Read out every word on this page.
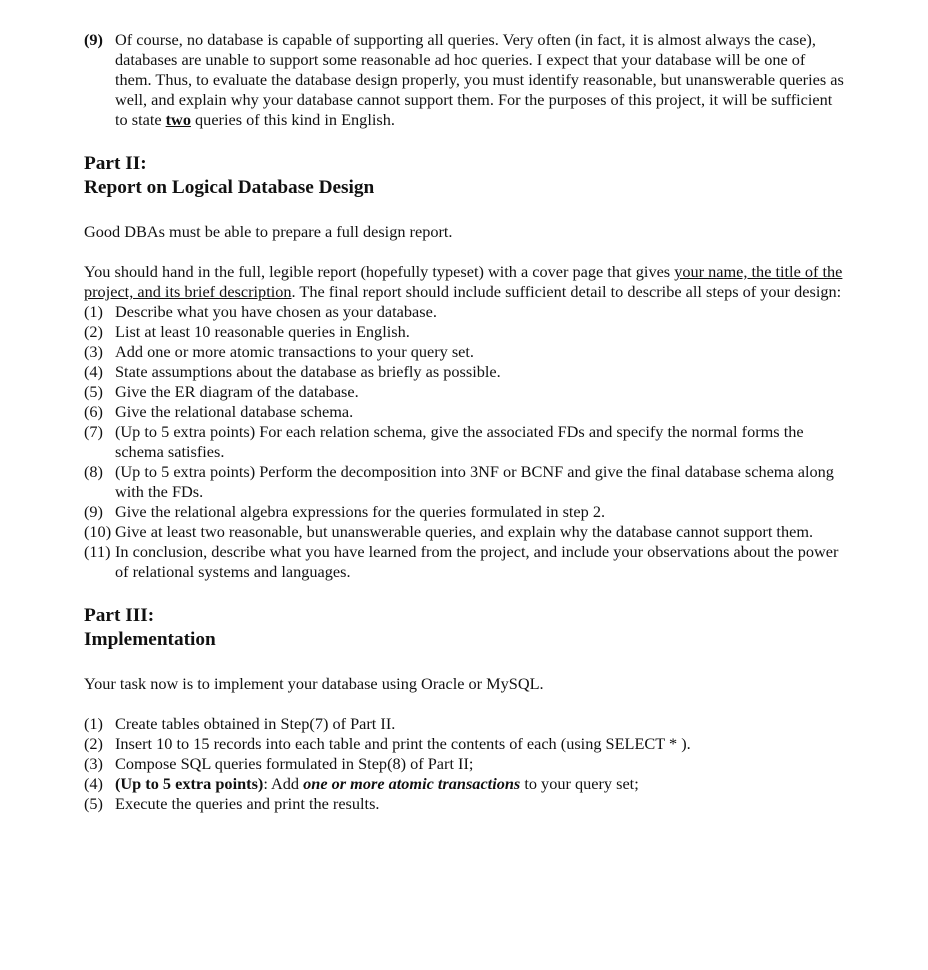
(9) Of course, no database is capable of supporting all queries. Very often (in fact, it is almost always the case), databases are unable to support some reasonable ad hoc queries. I expect that your database will be one of them. Thus, to evaluate the database design properly, you must identify reasonable, but unanswerable queries as well, and explain why your database cannot support them. For the purposes of this project, it will be sufficient to state two queries of this kind in English.
Part II:
Report on Logical Database Design

Good DBAs must be able to prepare a full design report.

You should hand in the full, legible report (hopefully typeset) with a cover page that gives your name, the title of the project, and its brief description. The final report should include sufficient detail to describe all steps of your design:

(1) Describe what you have chosen as your database.
(2) List at least 10 reasonable queries in English.
(3) Add one or more atomic transactions to your query set.
(4) State assumptions about the database as briefly as possible.
(5) Give the ER diagram of the database.
(6) Give the relational database schema.
(7) (Up to 5 extra points) For each relation schema, give the associated FDs and specify the normal forms the schema satisfies.
(8) (Up to 5 extra points) Perform the decomposition into 3NF or BCNF and give the final database schema along with the FDs.
(9) Give the relational algebra expressions for the queries formulated in step 2.
(10) Give at least two reasonable, but unanswerable queries, and explain why the database cannot support them.
(11) In conclusion, describe what you have learned from the project, and include your observations about the power of relational systems and languages.
Part III:
Implementation

Your task now is to implement your database using Oracle or MySQL.

(1) Create tables obtained in Step(7) of Part II.
(2) Insert 10 to 15 records into each table and print the contents of each (using SELECT * ).
(3) Compose SQL queries formulated in Step(8) of Part II;
(4) (Up to 5 extra points): Add one or more atomic transactions to your query set;
(5) Execute the queries and print the results.
